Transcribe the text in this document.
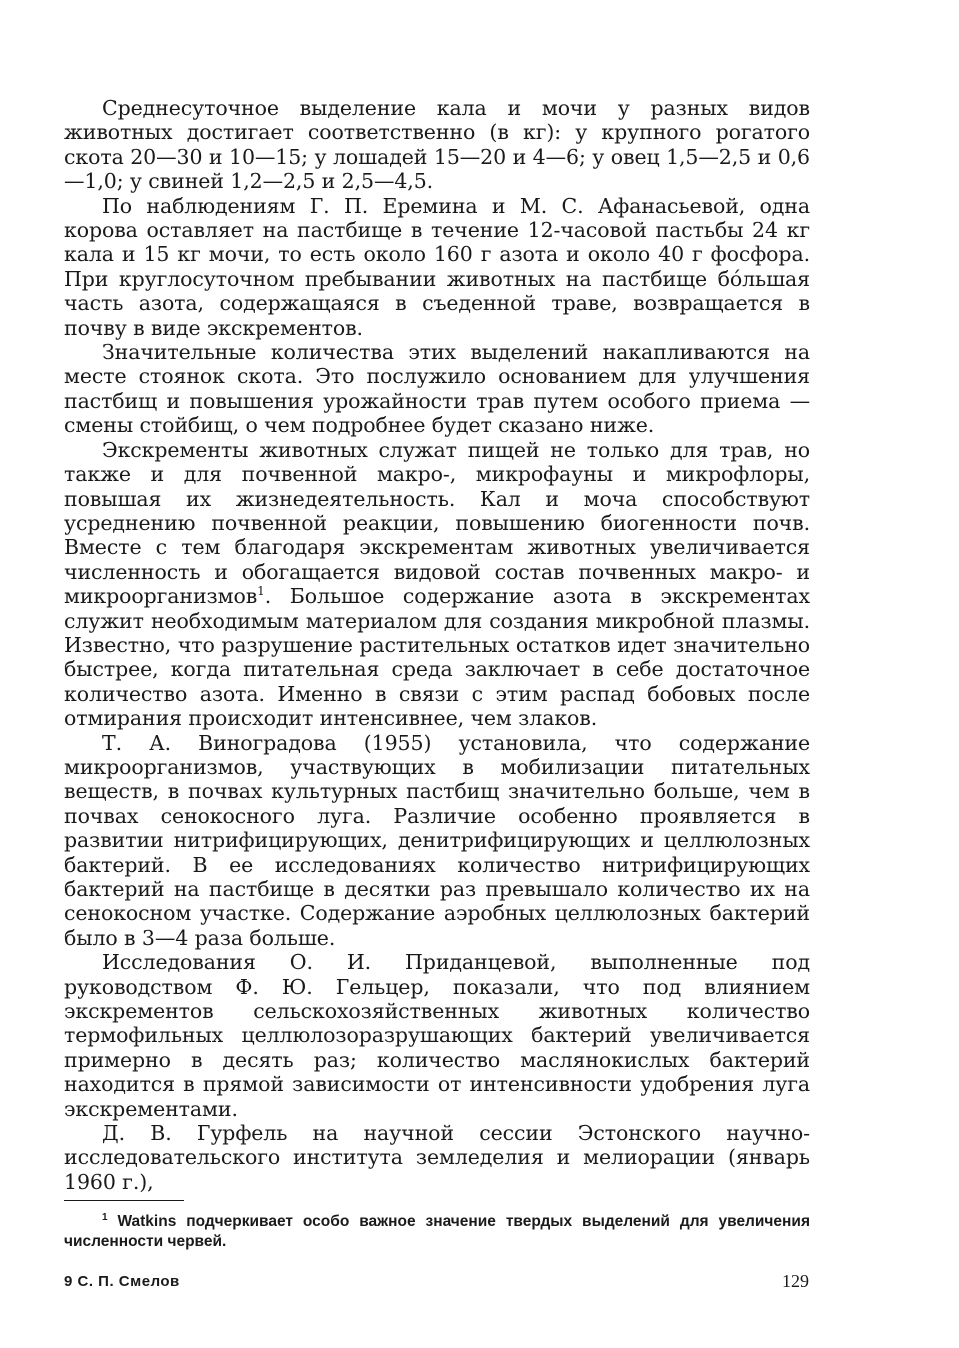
Среднесуточное выделение кала и мочи у разных видов животных достигает соответственно (в кг): у крупного рогатого скота 20—30 и 10—15; у лошадей 15—20 и 4—6; у овец 1,5—2,5 и 0,6—1,0; у свиней 1,2—2,5 и 2,5—4,5.

По наблюдениям Г. П. Еремина и М. С. Афанасьевой, одна корова оставляет на пастбище в течение 12-часовой пастьбы 24 кг кала и 15 кг мочи, то есть около 160 г азота и около 40 г фосфора. При круглосуточном пребывании животных на пастбище бóльшая часть азота, содержащаяся в съеденной траве, возвращается в почву в виде экскрементов.

Значительные количества этих выделений накапливаются на месте стоянок скота. Это послужило основанием для улучшения пастбищ и повышения урожайности трав путем особого приема — смены стойбищ, о чем подробнее будет сказано ниже.

Экскременты животных служат пищей не только для трав, но также и для почвенной макро-, микрофауны и микрофлоры, повышая их жизнедеятельность. Кал и моча способствуют усреднению почвенной реакции, повышению биогенности почв. Вместе с тем благодаря экскрементам животных увеличивается численность и обогащается видовой состав почвенных макро- и микроорганизмов$^1$. Большое содержание азота в экскрементах служит необходимым материалом для создания микробной плазмы. Известно, что разрушение растительных остатков идет значительно быстрее, когда питательная среда заключает в себе достаточное количество азота. Именно в связи с этим распад бобовых после отмирания происходит интенсивнее, чем злаков.

Т. А. Виноградова (1955) установила, что содержание микроорганизмов, участвующих в мобилизации питательных веществ, в почвах культурных пастбищ значительно больше, чем в почвах сенокосного луга. Различие особенно проявляется в развитии нитрифицирующих, денитрифицирующих и целлюлозных бактерий. В ее исследованиях количество нитрифицирующих бактерий на пастбище в десятки раз превышало количество их на сенокосном участке. Содержание аэробных целлюлозных бактерий было в 3—4 раза больше.

Исследования О. И. Приданцевой, выполненные под руководством Ф. Ю. Гельцер, показали, что под влиянием экскрементов сельскохозяйственных животных количество термофильных целлюлозоразрушающих бактерий увеличивается примерно в десять раз; количество маслянокислых бактерий находится в прямой зависимости от интенсивности удобрения луга экскрементами.

Д. В. Гурфель на научной сессии Эстонского научно-исследовательского института земледелия и мелиорации (январь 1960 г.),

$^1$ Watkins подчеркивает особо важное значение твердых выделений для увеличения численности червей.

9 С. П. Смелов	129
